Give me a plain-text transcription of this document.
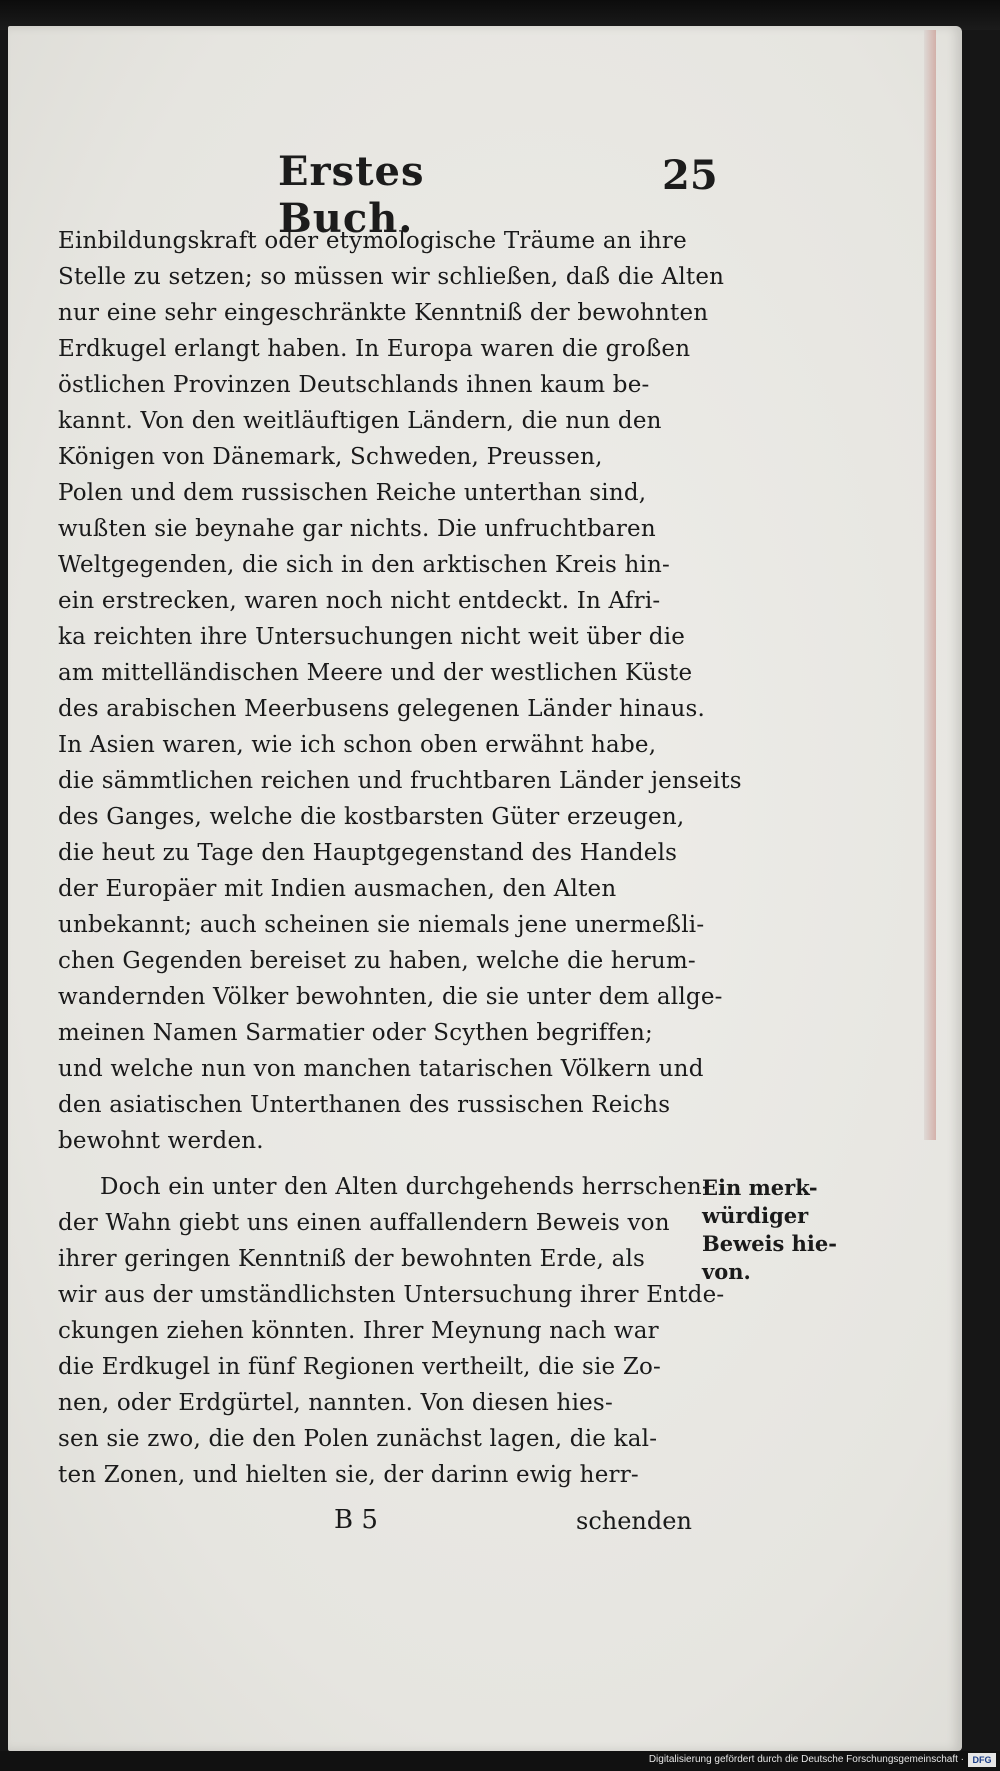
Erstes Buch.
25
Einbildungskraft oder etymologische Träume an ihre
Stelle zu setzen; so müssen wir schließen, daß die Alten
nur eine sehr eingeschränkte Kenntniß der bewohnten
Erdkugel erlangt haben. In Europa waren die großen
östlichen Provinzen Deutschlands ihnen kaum be-
kannt. Von den weitläuftigen Ländern, die nun den
Königen von Dänemark, Schweden, Preussen,
Polen und dem russischen Reiche unterthan sind,
wußten sie beynahe gar nichts. Die unfruchtbaren
Weltgegenden, die sich in den arktischen Kreis hin-
ein erstrecken, waren noch nicht entdeckt. In Afri-
ka reichten ihre Untersuchungen nicht weit über die
am mittelländischen Meere und der westlichen Küste
des arabischen Meerbusens gelegenen Länder hinaus.
In Asien waren, wie ich schon oben erwähnt habe,
die sämmtlichen reichen und fruchtbaren Länder jenseits
des Ganges, welche die kostbarsten Güter erzeugen,
die heut zu Tage den Hauptgegenstand des Handels
der Europäer mit Indien ausmachen, den Alten
unbekannt; auch scheinen sie niemals jene unermeßli-
chen Gegenden bereiset zu haben, welche die herum-
wandernden Völker bewohnten, die sie unter dem allge-
meinen Namen Sarmatier oder Scythen begriffen;
und welche nun von manchen tatarischen Völkern und
den asiatischen Unterthanen des russischen Reichs
bewohnt werden.
Doch ein unter den Alten durchgehends herrschen-
der Wahn giebt uns einen auffallendern Beweis von
ihrer geringen Kenntniß der bewohnten Erde, als
wir aus der umständlichsten Untersuchung ihrer Entde-
ckungen ziehen könnten. Ihrer Meynung nach war
die Erdkugel in fünf Regionen vertheilt, die sie Zo-
nen, oder Erdgürtel, nannten. Von diesen hies-
sen sie zwo, die den Polen zunächst lagen, die kal-
ten Zonen, und hielten sie, der darinn ewig herr-
Ein merk-
würdiger
Beweis hie-
von.
B 5	schenden
Digitalisierung gefördert durch die Deutsche Forschungsgemeinschaft · DFG
